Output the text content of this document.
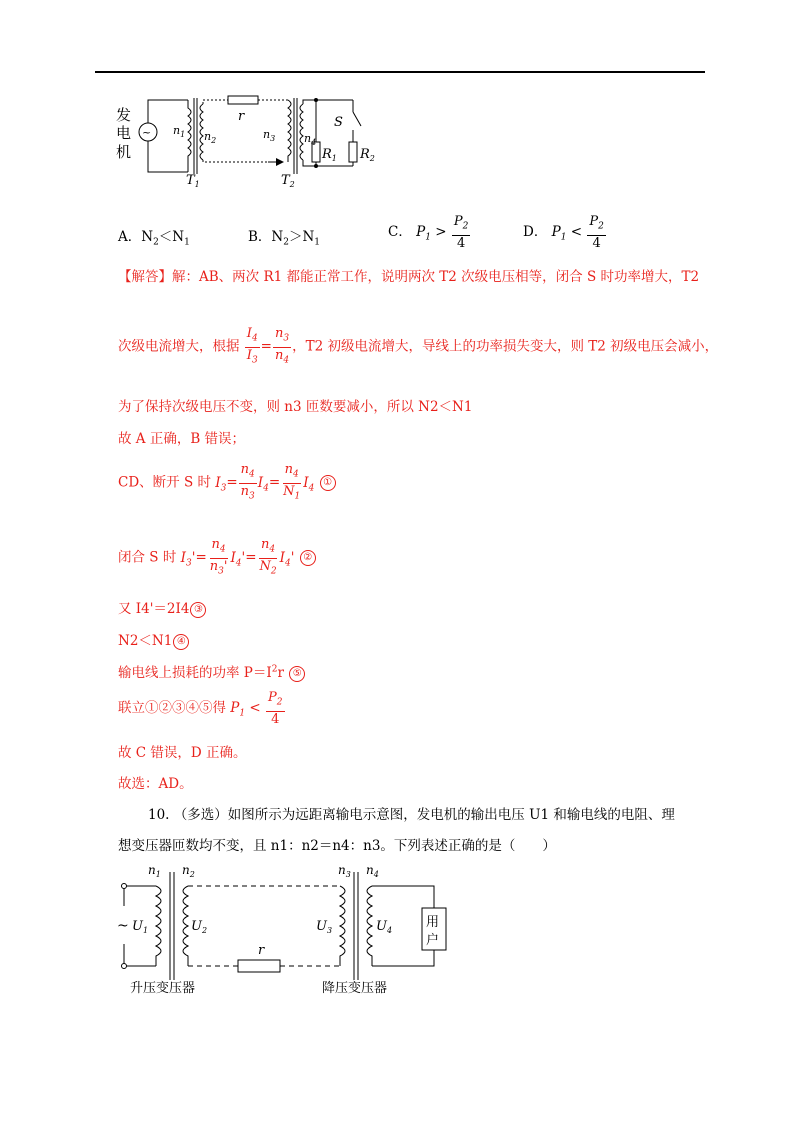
发
电
机
~ $n_1$ $n_2$
r
$n_3$	$n_4$
S
$R_1$ $R_2$
$T_1$	$T_2$
A．$N_2<N_1$	B．$N_2>N_1$
C． $P_1 > \frac{P_2}{4}$	D． $P_1 < \frac{P_2}{4}$
【解答】解：AB、两次 R1 都能正常工作，说明两次 T2 次级电压相等，闭合 S 时功率增大，T2
次级电流增大，根据 $\frac{I_4}{I_3} = \frac{n_3}{n_4}$ ，T2 初级电流增大，导线上的功率损失变大，则 T2 初级电压会减小，
为了保持次级电压不变，则 n3 匝数要减小，所以 N2＜N1
故 A 正确，B 错误；
CD、断开 S 时 $I_3= \frac{n_4}{n_3} I_4= \frac{n_4}{N_1} I_4$ ①
闭合 S 时 $I_3'= \frac{n_4}{n_3'} I_4'= \frac{n_4}{N_2} I_4'$ ②
又 I4'＝2I4 ③
N2＜N1 ④
输电线上损耗的功率 $P=I^2r$ ⑤
联立①②③④⑤得 $P_1 < \frac{P_2}{4}$
故 C 错误，D 正确。
故选：AD。
10. （多选）如图所示为远距离输电示意图，发电机的输出电压 U1 和输电线的电阻、理
想变压器匝数均不变，且 n1：n2＝n4：n3。下列表述正确的是（　　）
~	用
户
$n_1$ $n_2$	$n_3$ $n_4$
$U_1$	$U_2$	$U_3$	$U_4$
r
升压变压器	降压变压器
